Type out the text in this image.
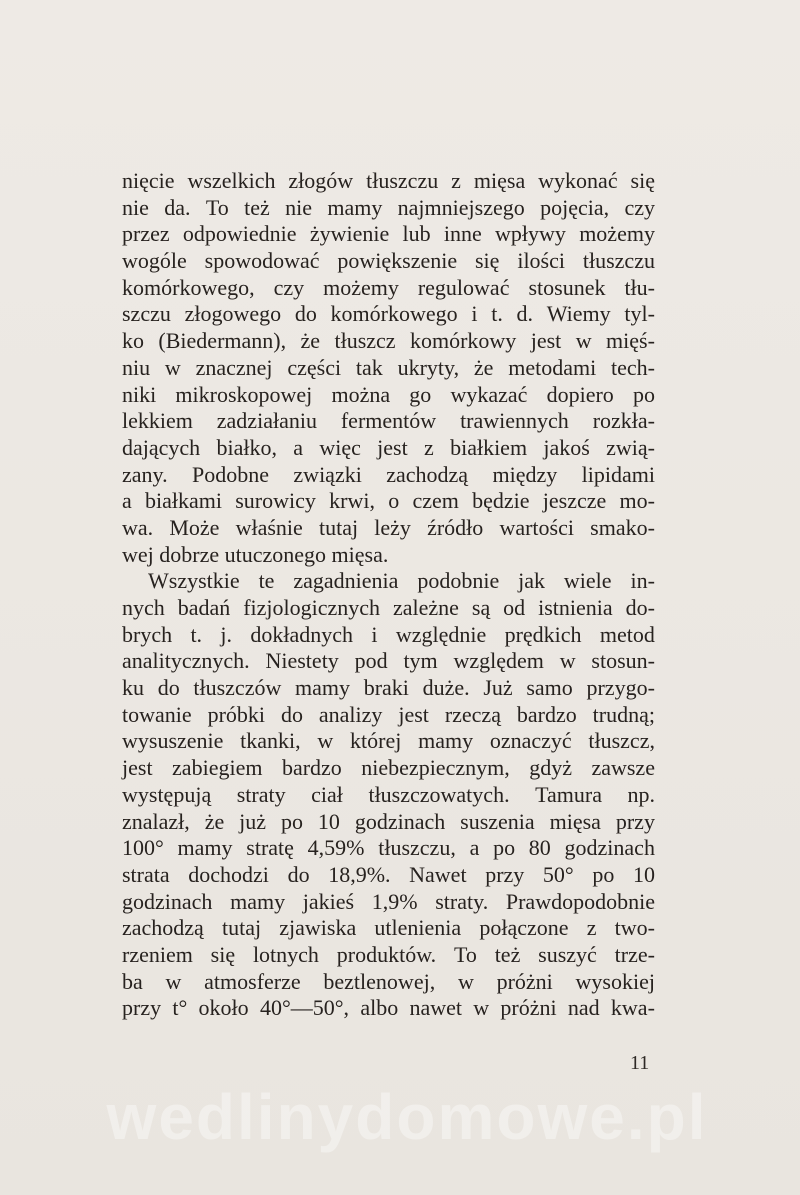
nięcie wszelkich złogów tłuszczu z mięsa wykonać się
nie da. To też nie mamy najmniejszego pojęcia, czy
przez odpowiednie żywienie lub inne wpływy możemy
wogóle spowodować powiększenie się ilości tłuszczu
komórkowego, czy możemy regulować stosunek tłu-
szczu złogowego do komórkowego i t. d. Wiemy tyl-
ko (Biedermann), że tłuszcz komórkowy jest w mięś-
niu w znacznej części tak ukryty, że metodami tech-
niki mikroskopowej można go wykazać dopiero po
lekkiem zadziałaniu fermentów trawiennych rozkła-
dających białko, a więc jest z białkiem jakoś zwią-
zany. Podobne związki zachodzą między lipidami
a białkami surowicy krwi, o czem będzie jeszcze mo-
wa. Może właśnie tutaj leży źródło wartości smako-
wej dobrze utuczonego mięsa.
Wszystkie te zagadnienia podobnie jak wiele in-
nych badań fizjologicznych zależne są od istnienia do-
brych t. j. dokładnych i względnie prędkich metod
analitycznych. Niestety pod tym względem w stosun-
ku do tłuszczów mamy braki duże. Już samo przygo-
towanie próbki do analizy jest rzeczą bardzo trudną;
wysuszenie tkanki, w której mamy oznaczyć tłuszcz,
jest zabiegiem bardzo niebezpiecznym, gdyż zawsze
występują straty ciał tłuszczowatych. Tamura np.
znalazł, że już po 10 godzinach suszenia mięsa przy
100° mamy stratę 4,59% tłuszczu, a po 80 godzinach
strata dochodzi do 18,9%. Nawet przy 50° po 10
godzinach mamy jakieś 1,9% straty. Prawdopodobnie
zachodzą tutaj zjawiska utlenienia połączone z two-
rzeniem się lotnych produktów. To też suszyć trze-
ba w atmosferze beztlenowej, w próżni wysokiej
przy t° około 40°—50°, albo nawet w próżni nad kwa-
11
wedlinydomowe.pl
